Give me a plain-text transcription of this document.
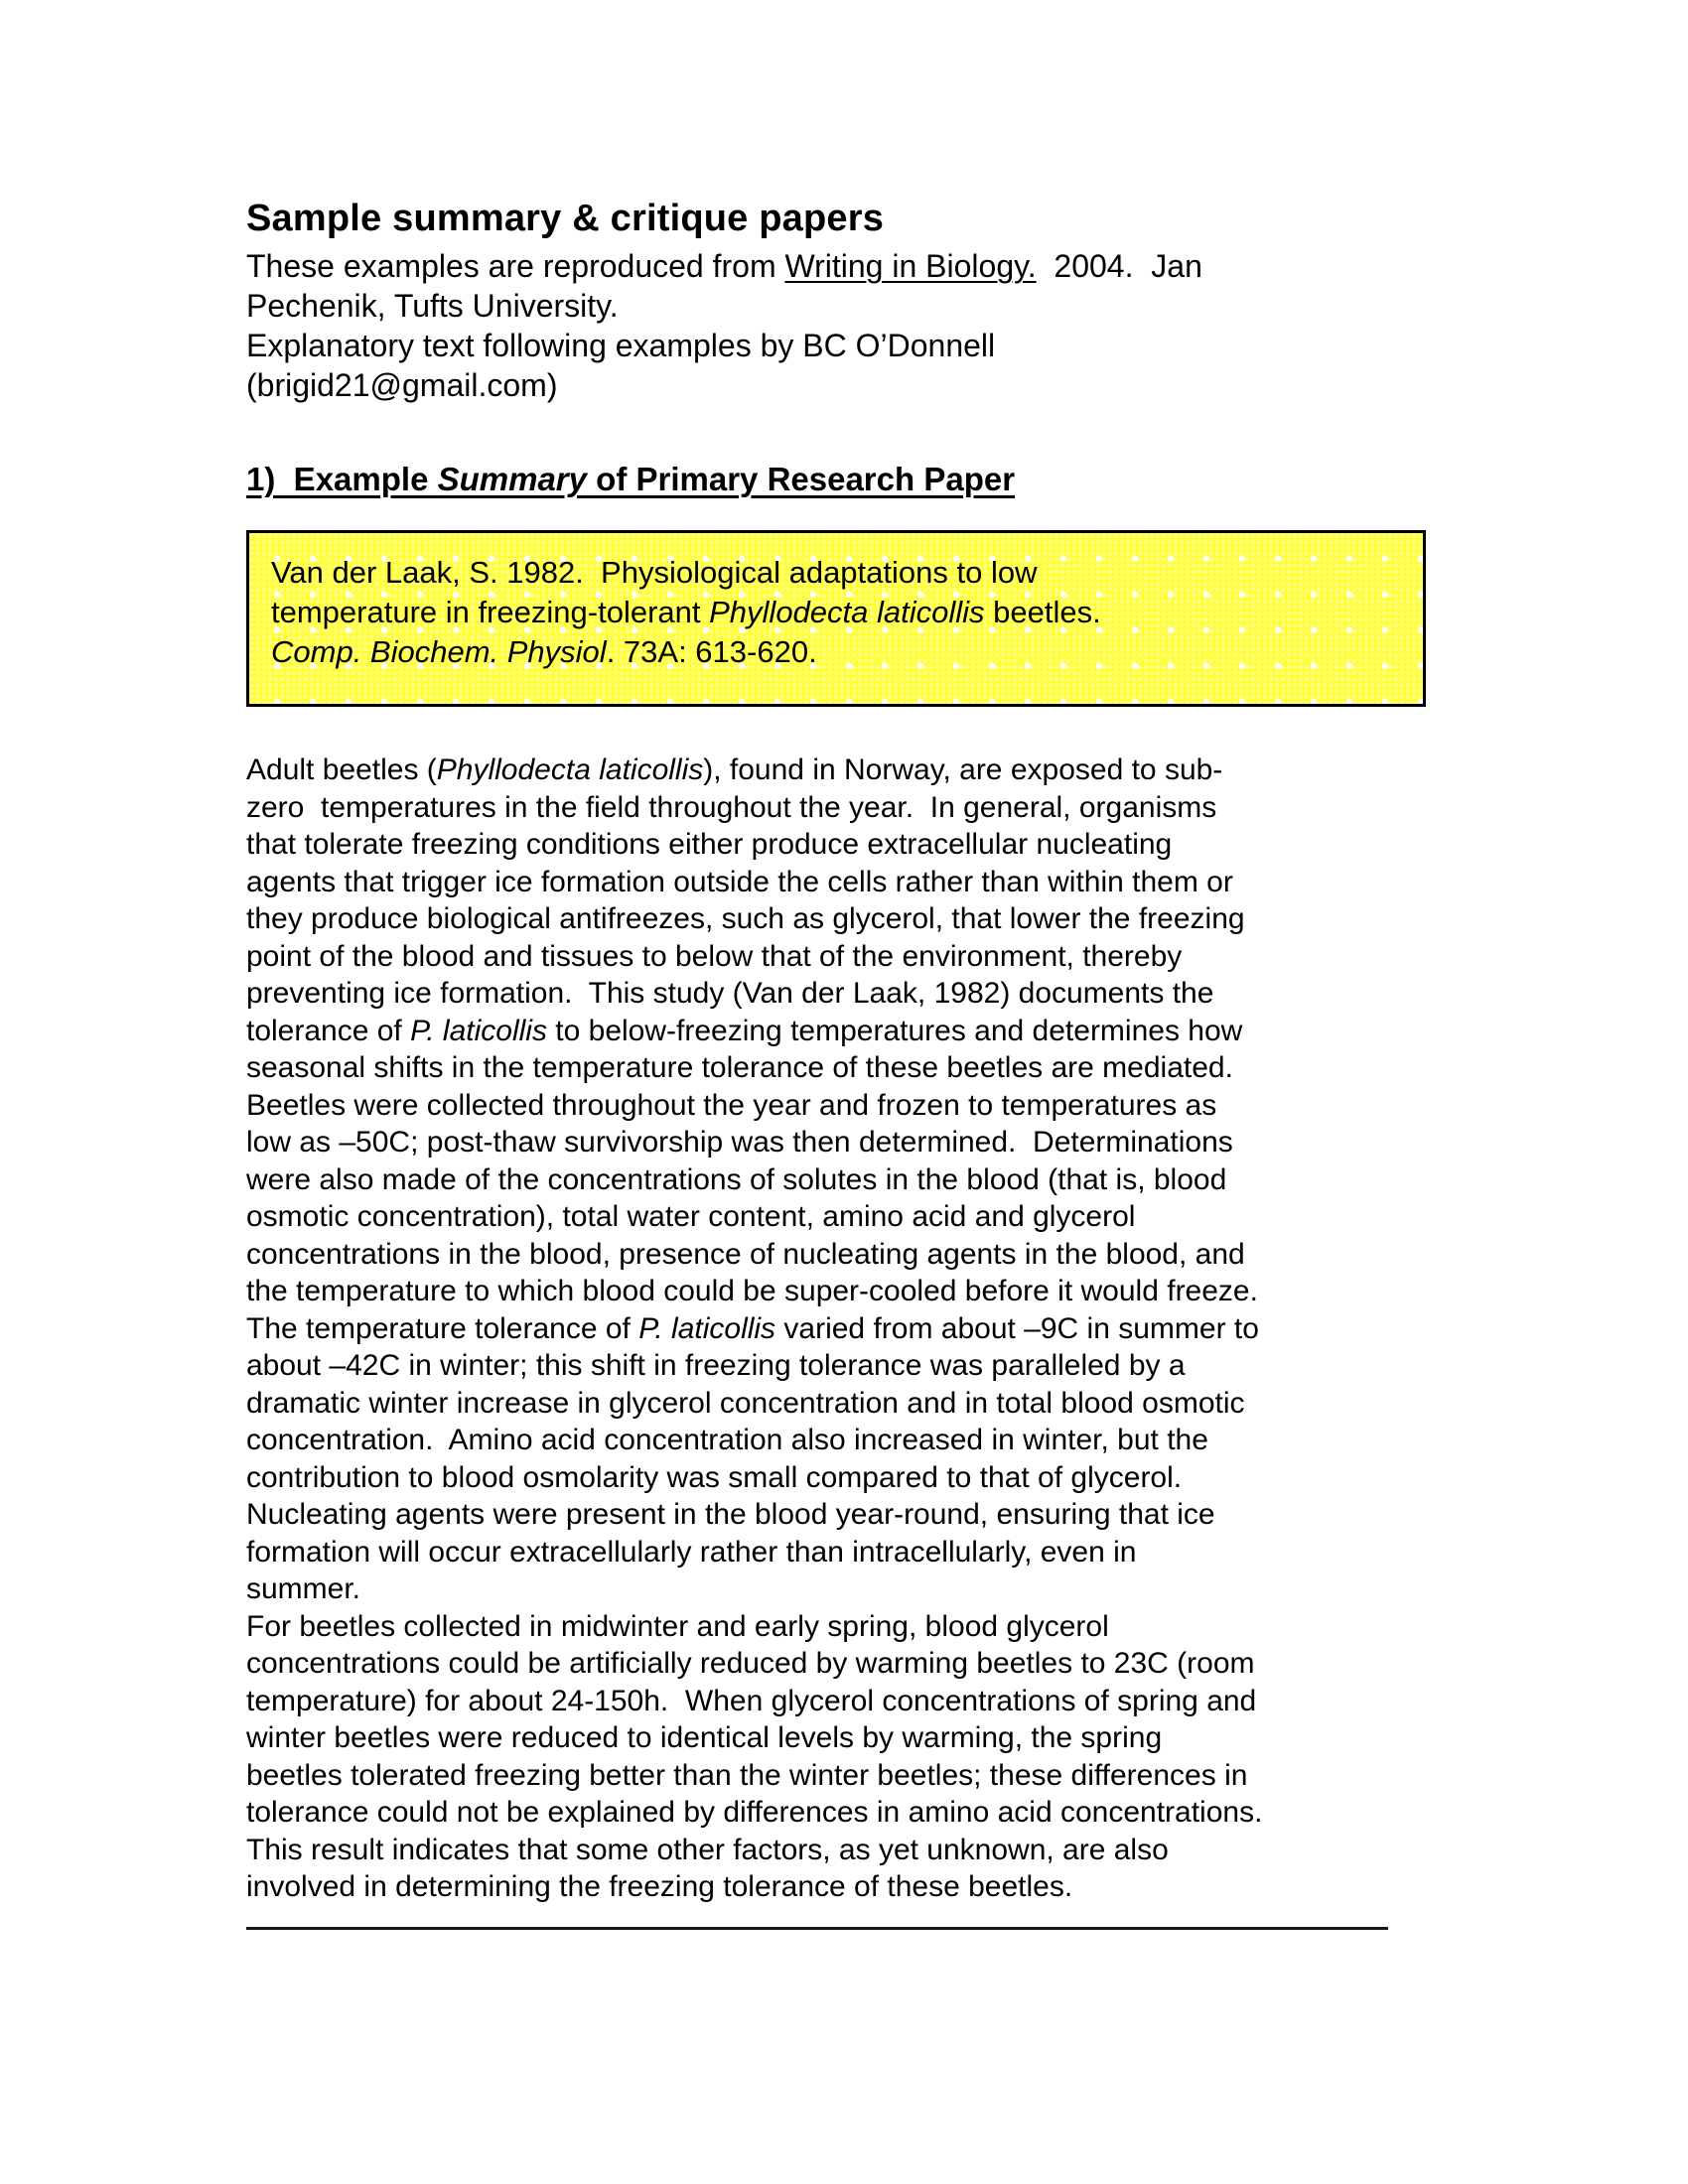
Sample summary & critique papers
These examples are reproduced from Writing in Biology.  2004.  Jan
Pechenik, Tufts University.
Explanatory text following examples by BC O’Donnell
(brigid21@gmail.com)
1)  Example Summary of Primary Research Paper
Van der Laak, S. 1982.  Physiological adaptations to low
temperature in freezing-tolerant Phyllodecta laticollis beetles.
Comp. Biochem. Physiol. 73A: 613-620.
Adult beetles (Phyllodecta laticollis), found in Norway, are exposed to sub-
zero  temperatures in the field throughout the year.  In general, organisms
that tolerate freezing conditions either produce extracellular nucleating
agents that trigger ice formation outside the cells rather than within them or
they produce biological antifreezes, such as glycerol, that lower the freezing
point of the blood and tissues to below that of the environment, thereby
preventing ice formation.  This study (Van der Laak, 1982) documents the
tolerance of P. laticollis to below-freezing temperatures and determines how
seasonal shifts in the temperature tolerance of these beetles are mediated.
Beetles were collected throughout the year and frozen to temperatures as
low as –50C; post-thaw survivorship was then determined.  Determinations
were also made of the concentrations of solutes in the blood (that is, blood
osmotic concentration), total water content, amino acid and glycerol
concentrations in the blood, presence of nucleating agents in the blood, and
the temperature to which blood could be super-cooled before it would freeze.
The temperature tolerance of P. laticollis varied from about –9C in summer to
about –42C in winter; this shift in freezing tolerance was paralleled by a
dramatic winter increase in glycerol concentration and in total blood osmotic
concentration.  Amino acid concentration also increased in winter, but the
contribution to blood osmolarity was small compared to that of glycerol.
Nucleating agents were present in the blood year-round, ensuring that ice
formation will occur extracellularly rather than intracellularly, even in
summer.
For beetles collected in midwinter and early spring, blood glycerol
concentrations could be artificially reduced by warming beetles to 23C (room
temperature) for about 24-150h.  When glycerol concentrations of spring and
winter beetles were reduced to identical levels by warming, the spring
beetles tolerated freezing better than the winter beetles; these differences in
tolerance could not be explained by differences in amino acid concentrations.
This result indicates that some other factors, as yet unknown, are also
involved in determining the freezing tolerance of these beetles.
